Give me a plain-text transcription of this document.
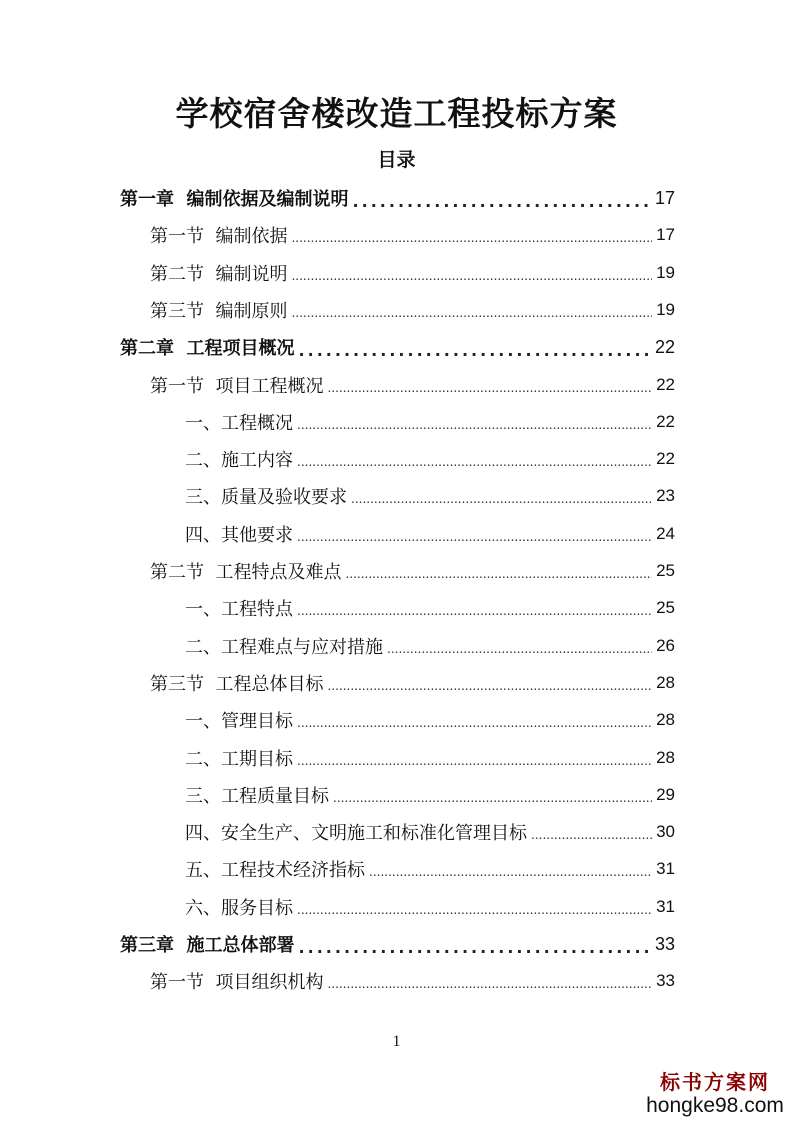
学校宿舍楼改造工程投标方案
目录
第一章  编制依据及编制说明 .....	17
第一节  编制依据 .....	17
第二节  编制说明 .....	19
第三节  编制原则 .....	19
第二章  工程项目概况 .....	22
第一节  项目工程概况 .....	22
一、工程概况 .....	22
二、施工内容 .....	22
三、质量及验收要求 .....	23
四、其他要求 .....	24
第二节  工程特点及难点 .....	25
一、工程特点 .....	25
二、工程难点与应对措施 .....	26
第三节  工程总体目标 .....	28
一、管理目标 .....	28
二、工期目标 .....	28
三、工程质量目标 .....	29
四、安全生产、文明施工和标准化管理目标 .....	30
五、工程技术经济指标 .....	31
六、服务目标 .....	31
第三章  施工总体部署 .....	33
第一节  项目组织机构 .....	33
1
标书方案网
hongke98.com
